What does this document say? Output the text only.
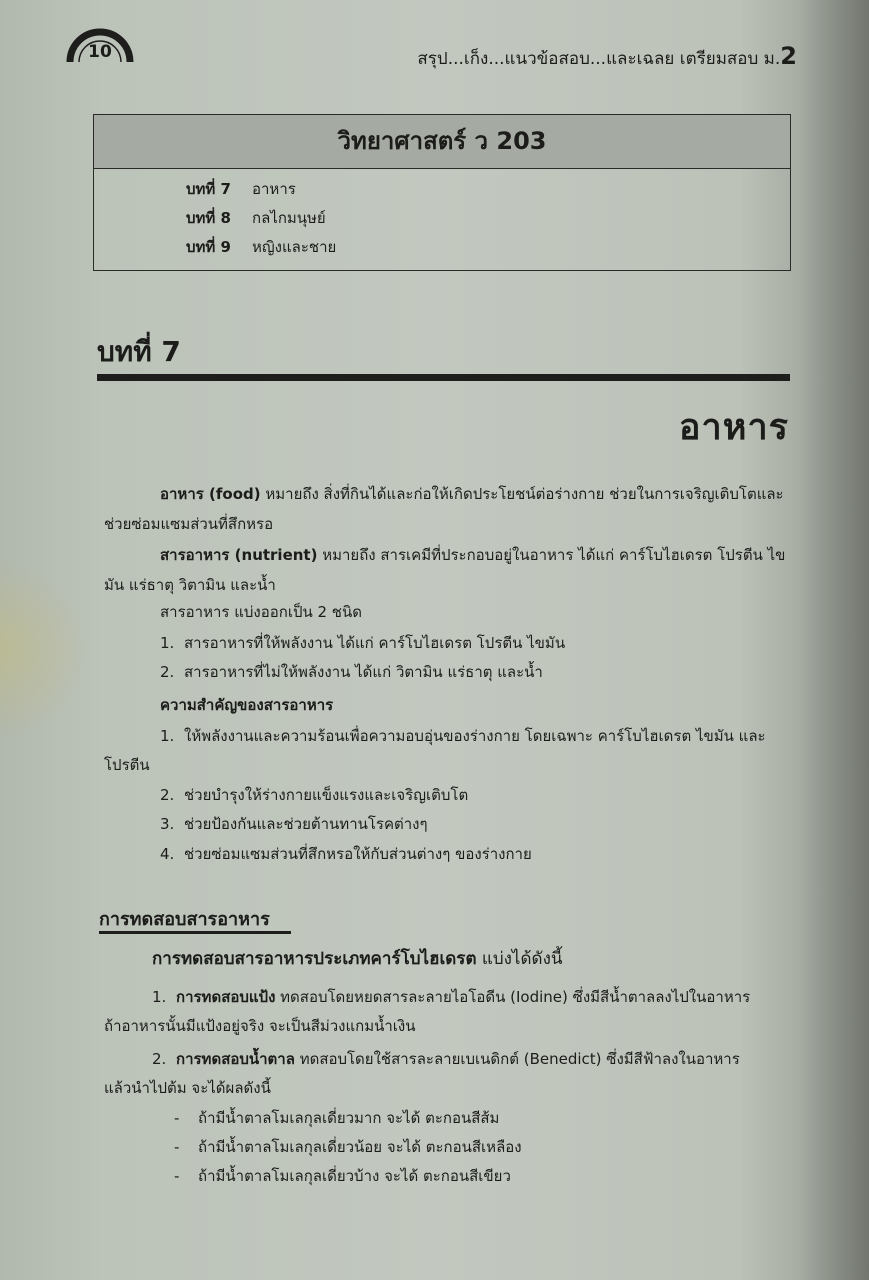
10	สรุป...เก็ง...แนวข้อสอบ...และเฉลย เตรียมสอบ ม.2
วิทยาศาสตร์ ว 203
บทที่ 7 อาหาร
บทที่ 8 กลไกมนุษย์
บทที่ 9 หญิงและชาย
บทที่ 7
อาหาร
อาหาร (food) หมายถึง สิ่งที่กินได้และก่อให้เกิดประโยชน์ต่อร่างกาย ช่วยในการเจริญเติบโตและช่วยซ่อมแซมส่วนที่สึกหรอ
สารอาหาร (nutrient) หมายถึง สารเคมีที่ประกอบอยู่ในอาหาร ได้แก่ คาร์โบไฮเดรต โปรตีน ไขมัน แร่ธาตุ วิตามิน และน้ำ
สารอาหาร แบ่งออกเป็น 2 ชนิด
1. สารอาหารที่ให้พลังงาน ได้แก่ คาร์โบไฮเดรต โปรตีน ไขมัน
2. สารอาหารที่ไม่ให้พลังงาน ได้แก่ วิตามิน แร่ธาตุ และน้ำ
ความสำคัญของสารอาหาร
1. ให้พลังงานและความร้อนเพื่อความอบอุ่นของร่างกาย โดยเฉพาะ คาร์โบไฮเดรต ไขมัน และ
โปรตีน
2. ช่วยบำรุงให้ร่างกายแข็งแรงและเจริญเติบโต
3. ช่วยป้องกันและช่วยต้านทานโรคต่างๆ
4. ช่วยซ่อมแซมส่วนที่สึกหรอให้กับส่วนต่างๆ ของร่างกาย
การทดสอบสารอาหาร
การทดสอบสารอาหารประเภทคาร์โบไฮเดรต แบ่งได้ดังนี้
1. การทดสอบแป้ง ทดสอบโดยหยดสารละลายไอโอดีน (Iodine) ซึ่งมีสีน้ำตาลลงไปในอาหาร
ถ้าอาหารนั้นมีแป้งอยู่จริง จะเป็นสีม่วงแกมน้ำเงิน
2. การทดสอบน้ำตาล ทดสอบโดยใช้สารละลายเบเนดิกต์ (Benedict) ซึ่งมีสีฟ้าลงในอาหาร
แล้วนำไปต้ม จะได้ผลดังนี้
- ถ้ามีน้ำตาลโมเลกุลเดี่ยวมาก จะได้ ตะกอนสีส้ม
- ถ้ามีน้ำตาลโมเลกุลเดี่ยวน้อย จะได้ ตะกอนสีเหลือง
- ถ้ามีน้ำตาลโมเลกุลเดี่ยวบ้าง จะได้ ตะกอนสีเขียว
